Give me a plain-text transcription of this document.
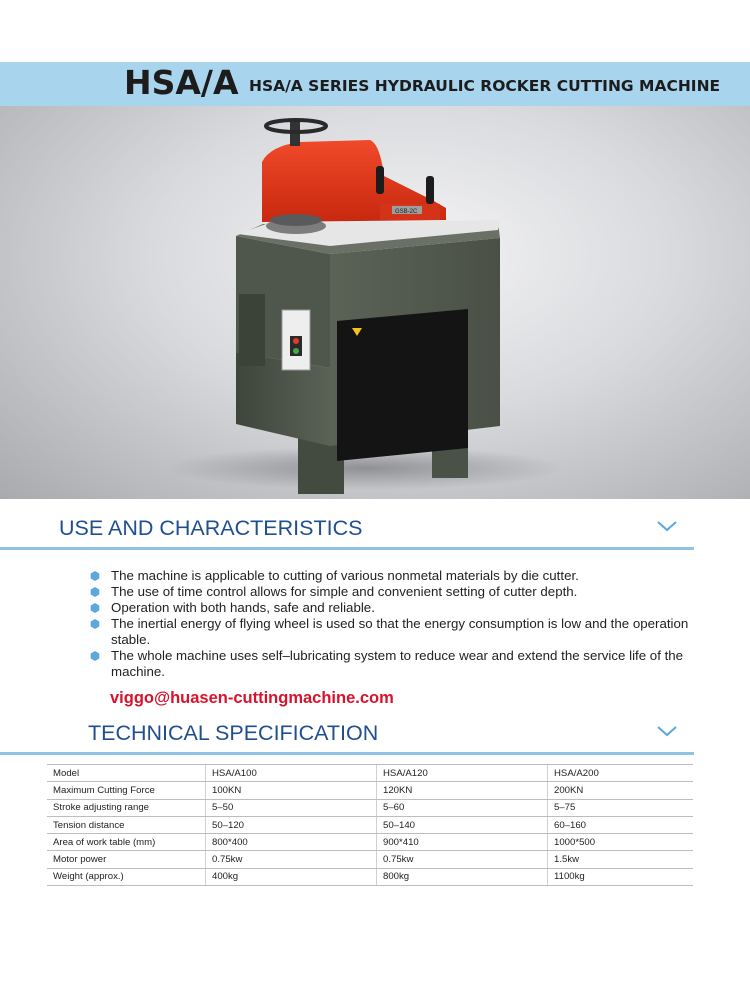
HSA/A HSA/A SERIES HYDRAULIC ROCKER CUTTING MACHINE
GSB-2C
USE AND CHARACTERISTICS
The machine is applicable to cutting of various nonmetal materials by die cutter.
The use of time control allows for simple and convenient setting of cutter depth.
Operation with both hands, safe and reliable.
The inertial energy of flying wheel is used so that the energy consumption is low and the operation stable.
The whole machine uses self–lubricating system to reduce wear and extend the service life of the machine.
viggo@huasen-cuttingmachine.com
TECHNICAL SPECIFICATION
Model	HSA/A100	HSA/A120	HSA/A200
Maximum Cutting Force	100KN	120KN	200KN
Stroke adjusting range	5–50	5–60	5–75
Tension distance	50–120	50–140	60–160
Area of work table (mm)	800*400	900*410	1000*500
Motor power	0.75kw	0.75kw	1.5kw
Weight (approx.)	400kg	800kg	1100kg
